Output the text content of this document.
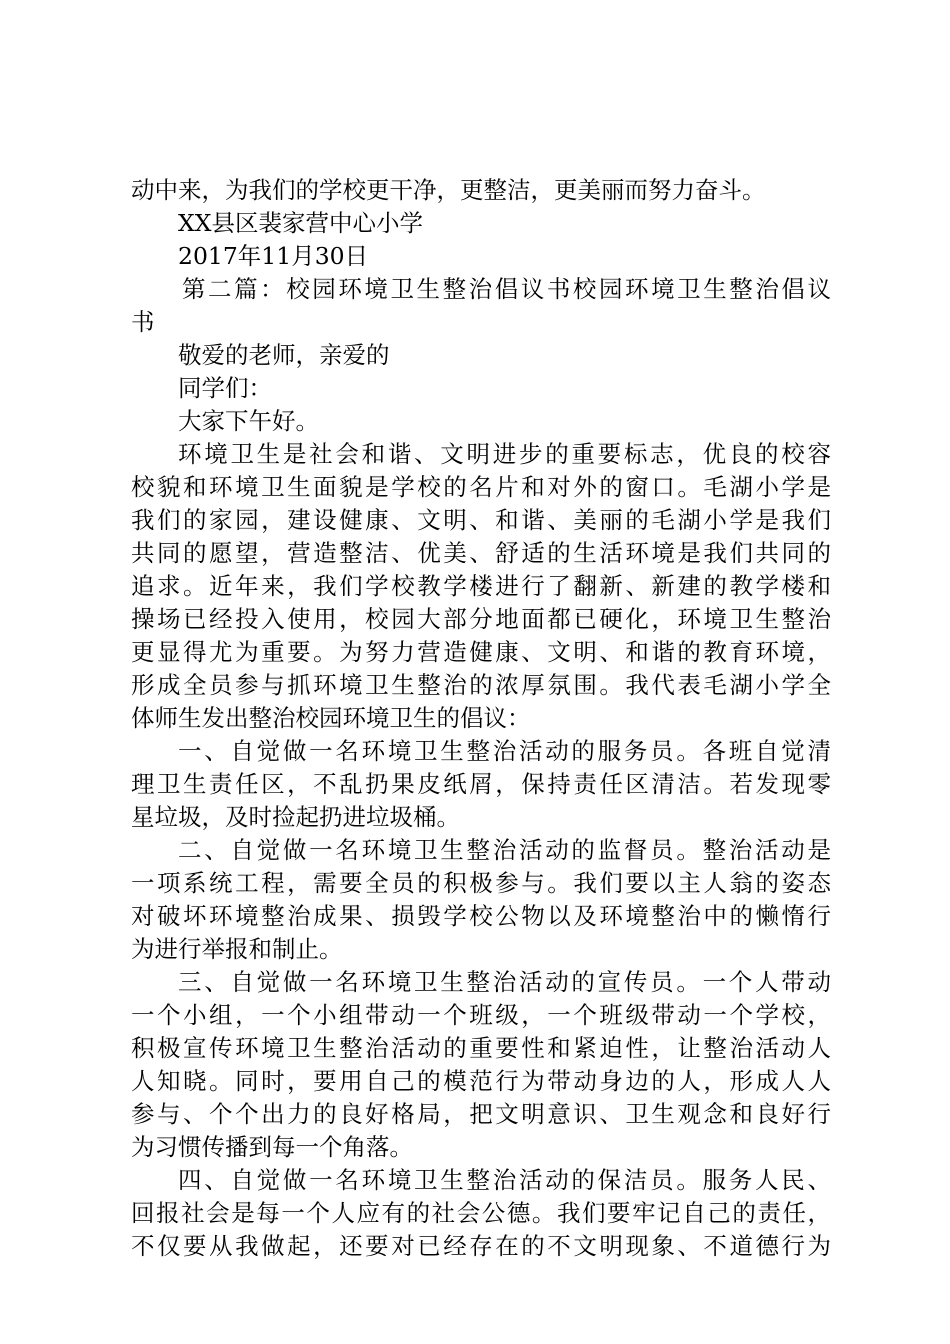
动中来，为我们的学校更干净，更整洁，更美丽而努力奋斗。
XX县区裴家营中心小学
2017年11月30日
第二篇：校园环境卫生整治倡议书校园环境卫生整治倡议
书
敬爱的老师，亲爱的
同学们：
大家下午好。
环境卫生是社会和谐、文明进步的重要标志，优良的校容
校貌和环境卫生面貌是学校的名片和对外的窗口。毛湖小学是
我们的家园，建设健康、文明、和谐、美丽的毛湖小学是我们
共同的愿望，营造整洁、优美、舒适的生活环境是我们共同的
追求。近年来，我们学校教学楼进行了翻新、新建的教学楼和
操场已经投入使用，校园大部分地面都已硬化，环境卫生整治
更显得尤为重要。为努力营造健康、文明、和谐的教育环境，
形成全员参与抓环境卫生整治的浓厚氛围。我代表毛湖小学全
体师生发出整治校园环境卫生的倡议：
一、自觉做一名环境卫生整治活动的服务员。各班自觉清
理卫生责任区，不乱扔果皮纸屑，保持责任区清洁。若发现零
星垃圾，及时捡起扔进垃圾桶。
二、自觉做一名环境卫生整治活动的监督员。整治活动是
一项系统工程，需要全员的积极参与。我们要以主人翁的姿态
对破坏环境整治成果、损毁学校公物以及环境整治中的懒惰行
为进行举报和制止。
三、自觉做一名环境卫生整治活动的宣传员。一个人带动
一个小组，一个小组带动一个班级，一个班级带动一个学校，
积极宣传环境卫生整治活动的重要性和紧迫性，让整治活动人
人知晓。同时，要用自己的模范行为带动身边的人，形成人人
参与、个个出力的良好格局，把文明意识、卫生观念和良好行
为习惯传播到每一个角落。
四、自觉做一名环境卫生整治活动的保洁员。服务人民、
回报社会是每一个人应有的社会公德。我们要牢记自己的责任，
不仅要从我做起，还要对已经存在的不文明现象、不道德行为
